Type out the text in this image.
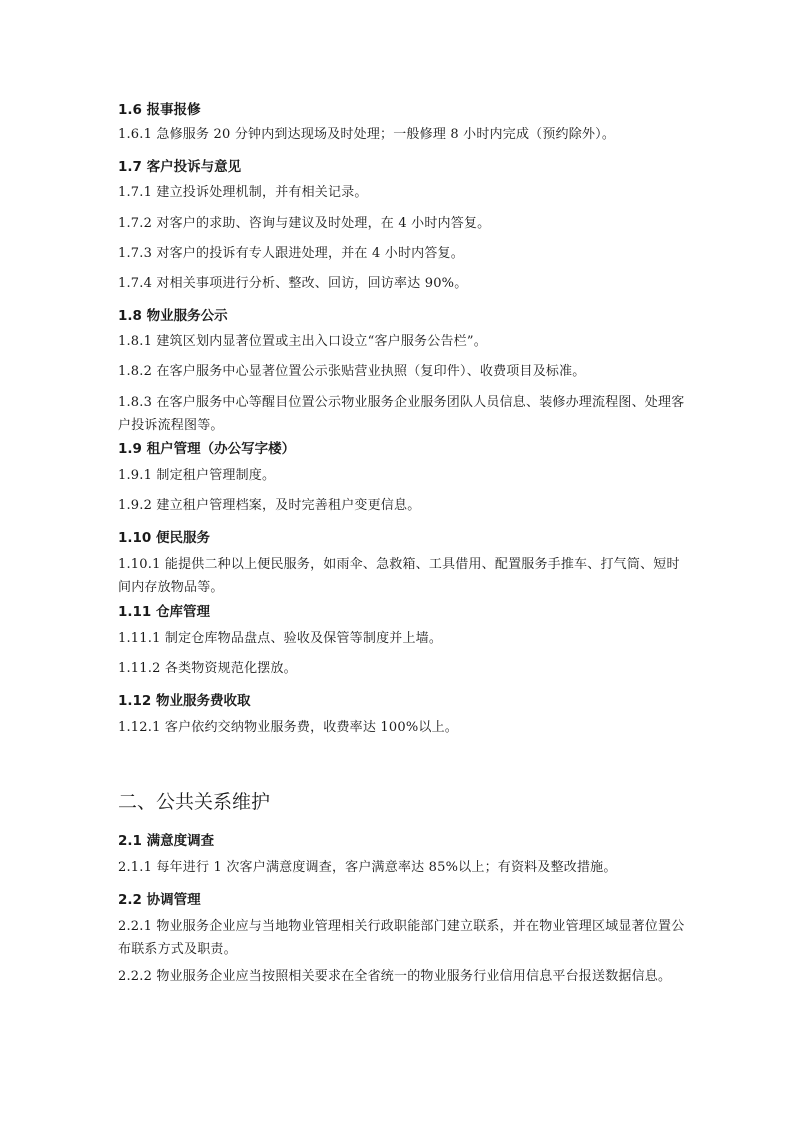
1.6 报事报修
1.6.1 急修服务 20 分钟内到达现场及时处理；一般修理 8 小时内完成（预约除外）。
1.7 客户投诉与意见
1.7.1 建立投诉处理机制，并有相关记录。
1.7.2 对客户的求助、咨询与建议及时处理，在 4 小时内答复。
1.7.3 对客户的投诉有专人跟进处理，并在 4 小时内答复。
1.7.4 对相关事项进行分析、整改、回访，回访率达 90%。
1.8 物业服务公示
1.8.1 建筑区划内显著位置或主出入口设立“客户服务公告栏”。
1.8.2 在客户服务中心显著位置公示张贴营业执照（复印件）、收费项目及标准。
1.8.3 在客户服务中心等醒目位置公示物业服务企业服务团队人员信息、装修办理流程图、处理客户投诉流程图等。
1.9 租户管理（办公写字楼）
1.9.1 制定租户管理制度。
1.9.2 建立租户管理档案，及时完善租户变更信息。
1.10 便民服务
1.10.1 能提供二种以上便民服务，如雨伞、急救箱、工具借用、配置服务手推车、打气筒、短时间内存放物品等。
1.11 仓库管理
1.11.1 制定仓库物品盘点、验收及保管等制度并上墙。
1.11.2 各类物资规范化摆放。
1.12 物业服务费收取
1.12.1 客户依约交纳物业服务费，收费率达 100%以上。
二、公共关系维护
2.1 满意度调查
2.1.1 每年进行 1 次客户满意度调查，客户满意率达 85%以上；有资料及整改措施。
2.2 协调管理
2.2.1 物业服务企业应与当地物业管理相关行政职能部门建立联系，并在物业管理区域显著位置公布联系方式及职责。
2.2.2 物业服务企业应当按照相关要求在全省统一的物业服务行业信用信息平台报送数据信息。
